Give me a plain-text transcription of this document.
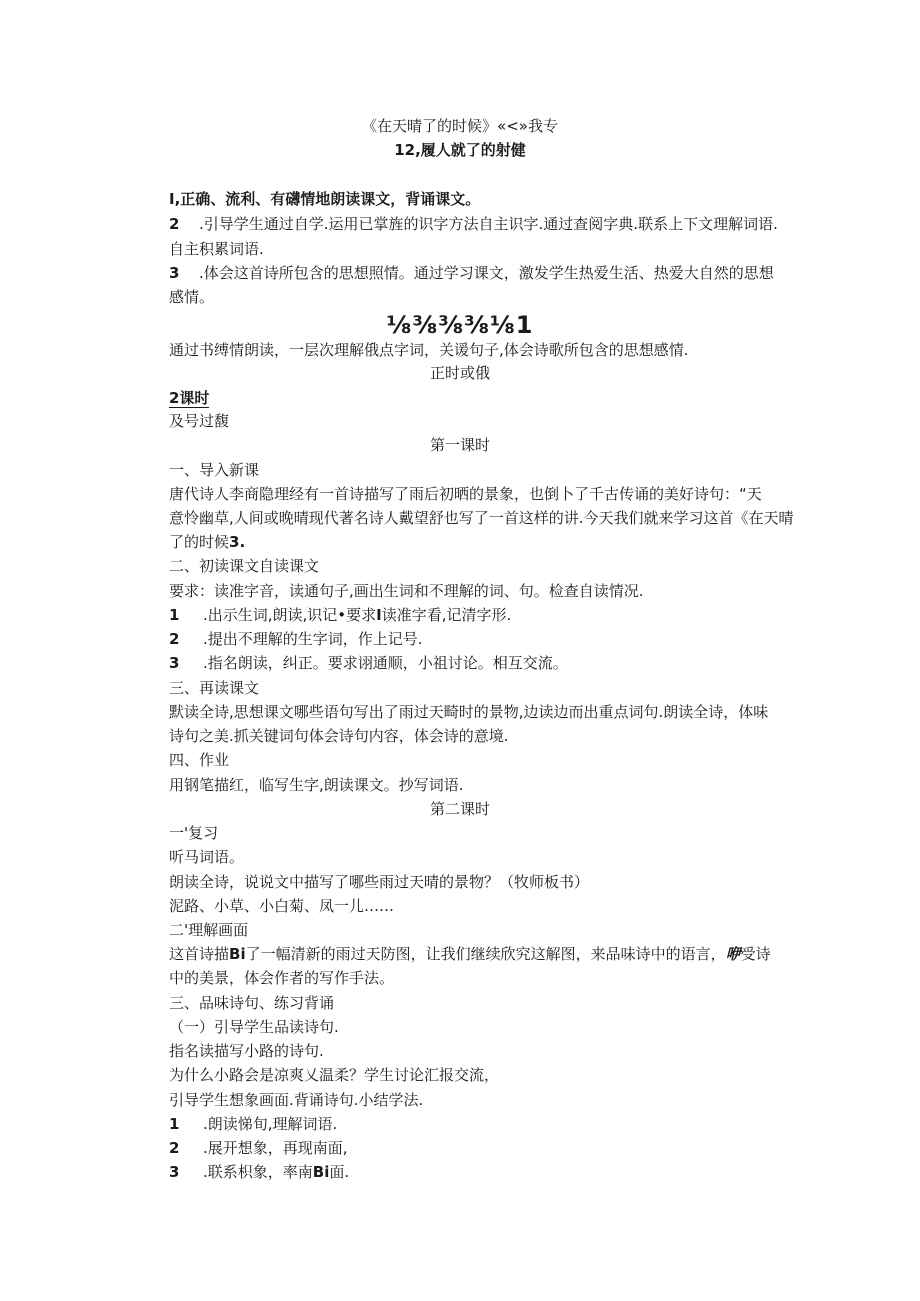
《在天晴了的时候》«<»我专
12,履人就了的射健
I,正确、流利、有礴情地朗读课文，背诵课文。
2 .引导学生通过自学.运用已掌旌的识字方法自主识字.通过查阅字典.联系上下文理解词语.
自主积累词语.
3 .体会这首诗所包含的思想照情。通过学习课文，激发学生热爱生活、热爱大自然的思想
感情。
⅛⅜⅜⅜⅛1
通过书缚情朗读，一层次理解俄点字词，关谖句子,体会诗歌所包含的思想感情.
正时或俄
2课时
及号过馥
第一课时
一、导入新课
唐代诗人李商隐理经有一首诗描写了雨后初晒的景象，也倒卜了千古传诵的美好诗句：“天
意怜幽草,人间或晚晴现代著名诗人戴望舒也写了一首这样的讲.今天我们就来学习这首《在天晴
了的时候3.
二、初读课文自读课文
要求：读准字音，读通句子,画出生词和不理解的词、句。检查自读情况.
1 .出示生词,朗读,识记•要求I读准字看,记清字形.
2 .提出不理解的生字词，作上记号.
3 .指名朗读，纠正。要求诩通顺，小祖讨论。相互交流。
三、再读课文
默读全诗,思想课文哪些语句写出了雨过天畸时的景物,边读边而出重点词句.朗读全诗，体味
诗句之美.抓关键词句体会诗句内容，体会诗的意境.
四、作业
用钢笔描红，临写生字,朗读课文。抄写词语.
第二课时
一'复习
听马词语。
朗读全诗，说说文中描写了哪些雨过天晴的景物？（牧师板书）
泥路、小草、小白菊、凤一儿……
二'理解画面
这首诗描Bi了一幅清新的雨过天防图，让我们继续欣究这解图，来品味诗中的语言，咿受诗
中的美景，体会作者的写作手法。
三、品味诗句、练习背诵
（一）引导学生品读诗句.
指名读描写小路的诗句.
为什么小路会是凉爽乂温柔？学生讨论汇报交流，
引导学生想象画面.背诵诗句.小结学法.
1 .朗读悌旬,理解词语.
2 .展开想象，再现南面,
3 .联系枳象，率南Bi面.
